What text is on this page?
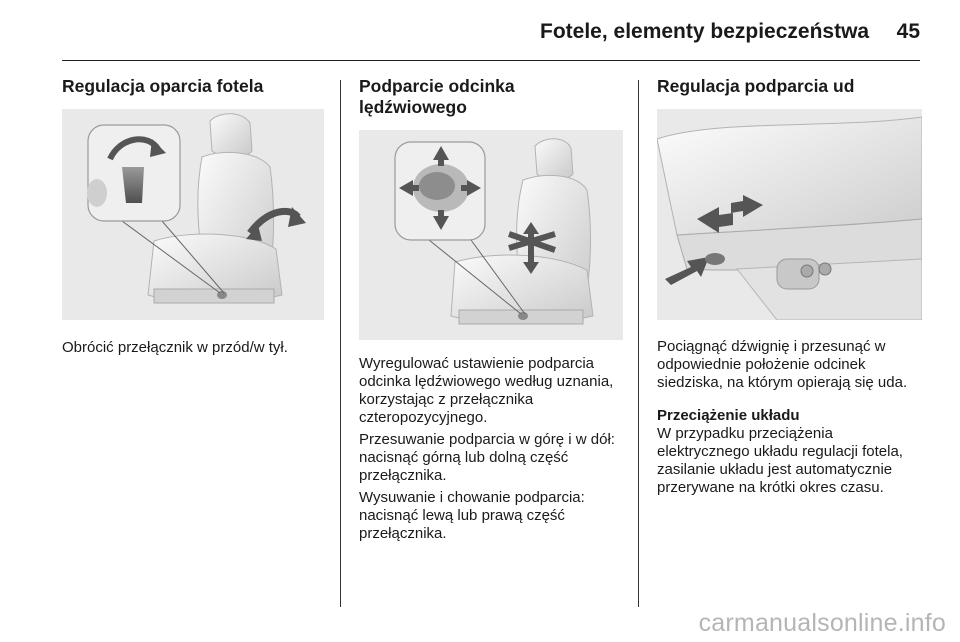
Fotele, elementy bezpieczeństwa	45
Regulacja oparcia fotela

Obrócić przełącznik w przód/w tył.

Podparcie odcinka
lędźwiowego

Wyregulować ustawienie podparcia odcinka lędźwiowego według uznania, korzystając z przełącznika czteropozycyjnego.

Przesuwanie podparcia w górę i w dół: nacisnąć górną lub dolną część przełącznika.

Wysuwanie i chowanie podparcia: nacisnąć lewą lub prawą część przełącznika.

Regulacja podparcia ud

Pociągnąć dźwignię i przesunąć w odpowiednie położenie odcinek siedziska, na którym opierają się uda.

Przeciążenie układu

W przypadku przeciążenia elektrycznego układu regulacji fotela, zasilanie układu jest automatycznie przerywane na krótki okres czasu.

carmanualsonline.info
